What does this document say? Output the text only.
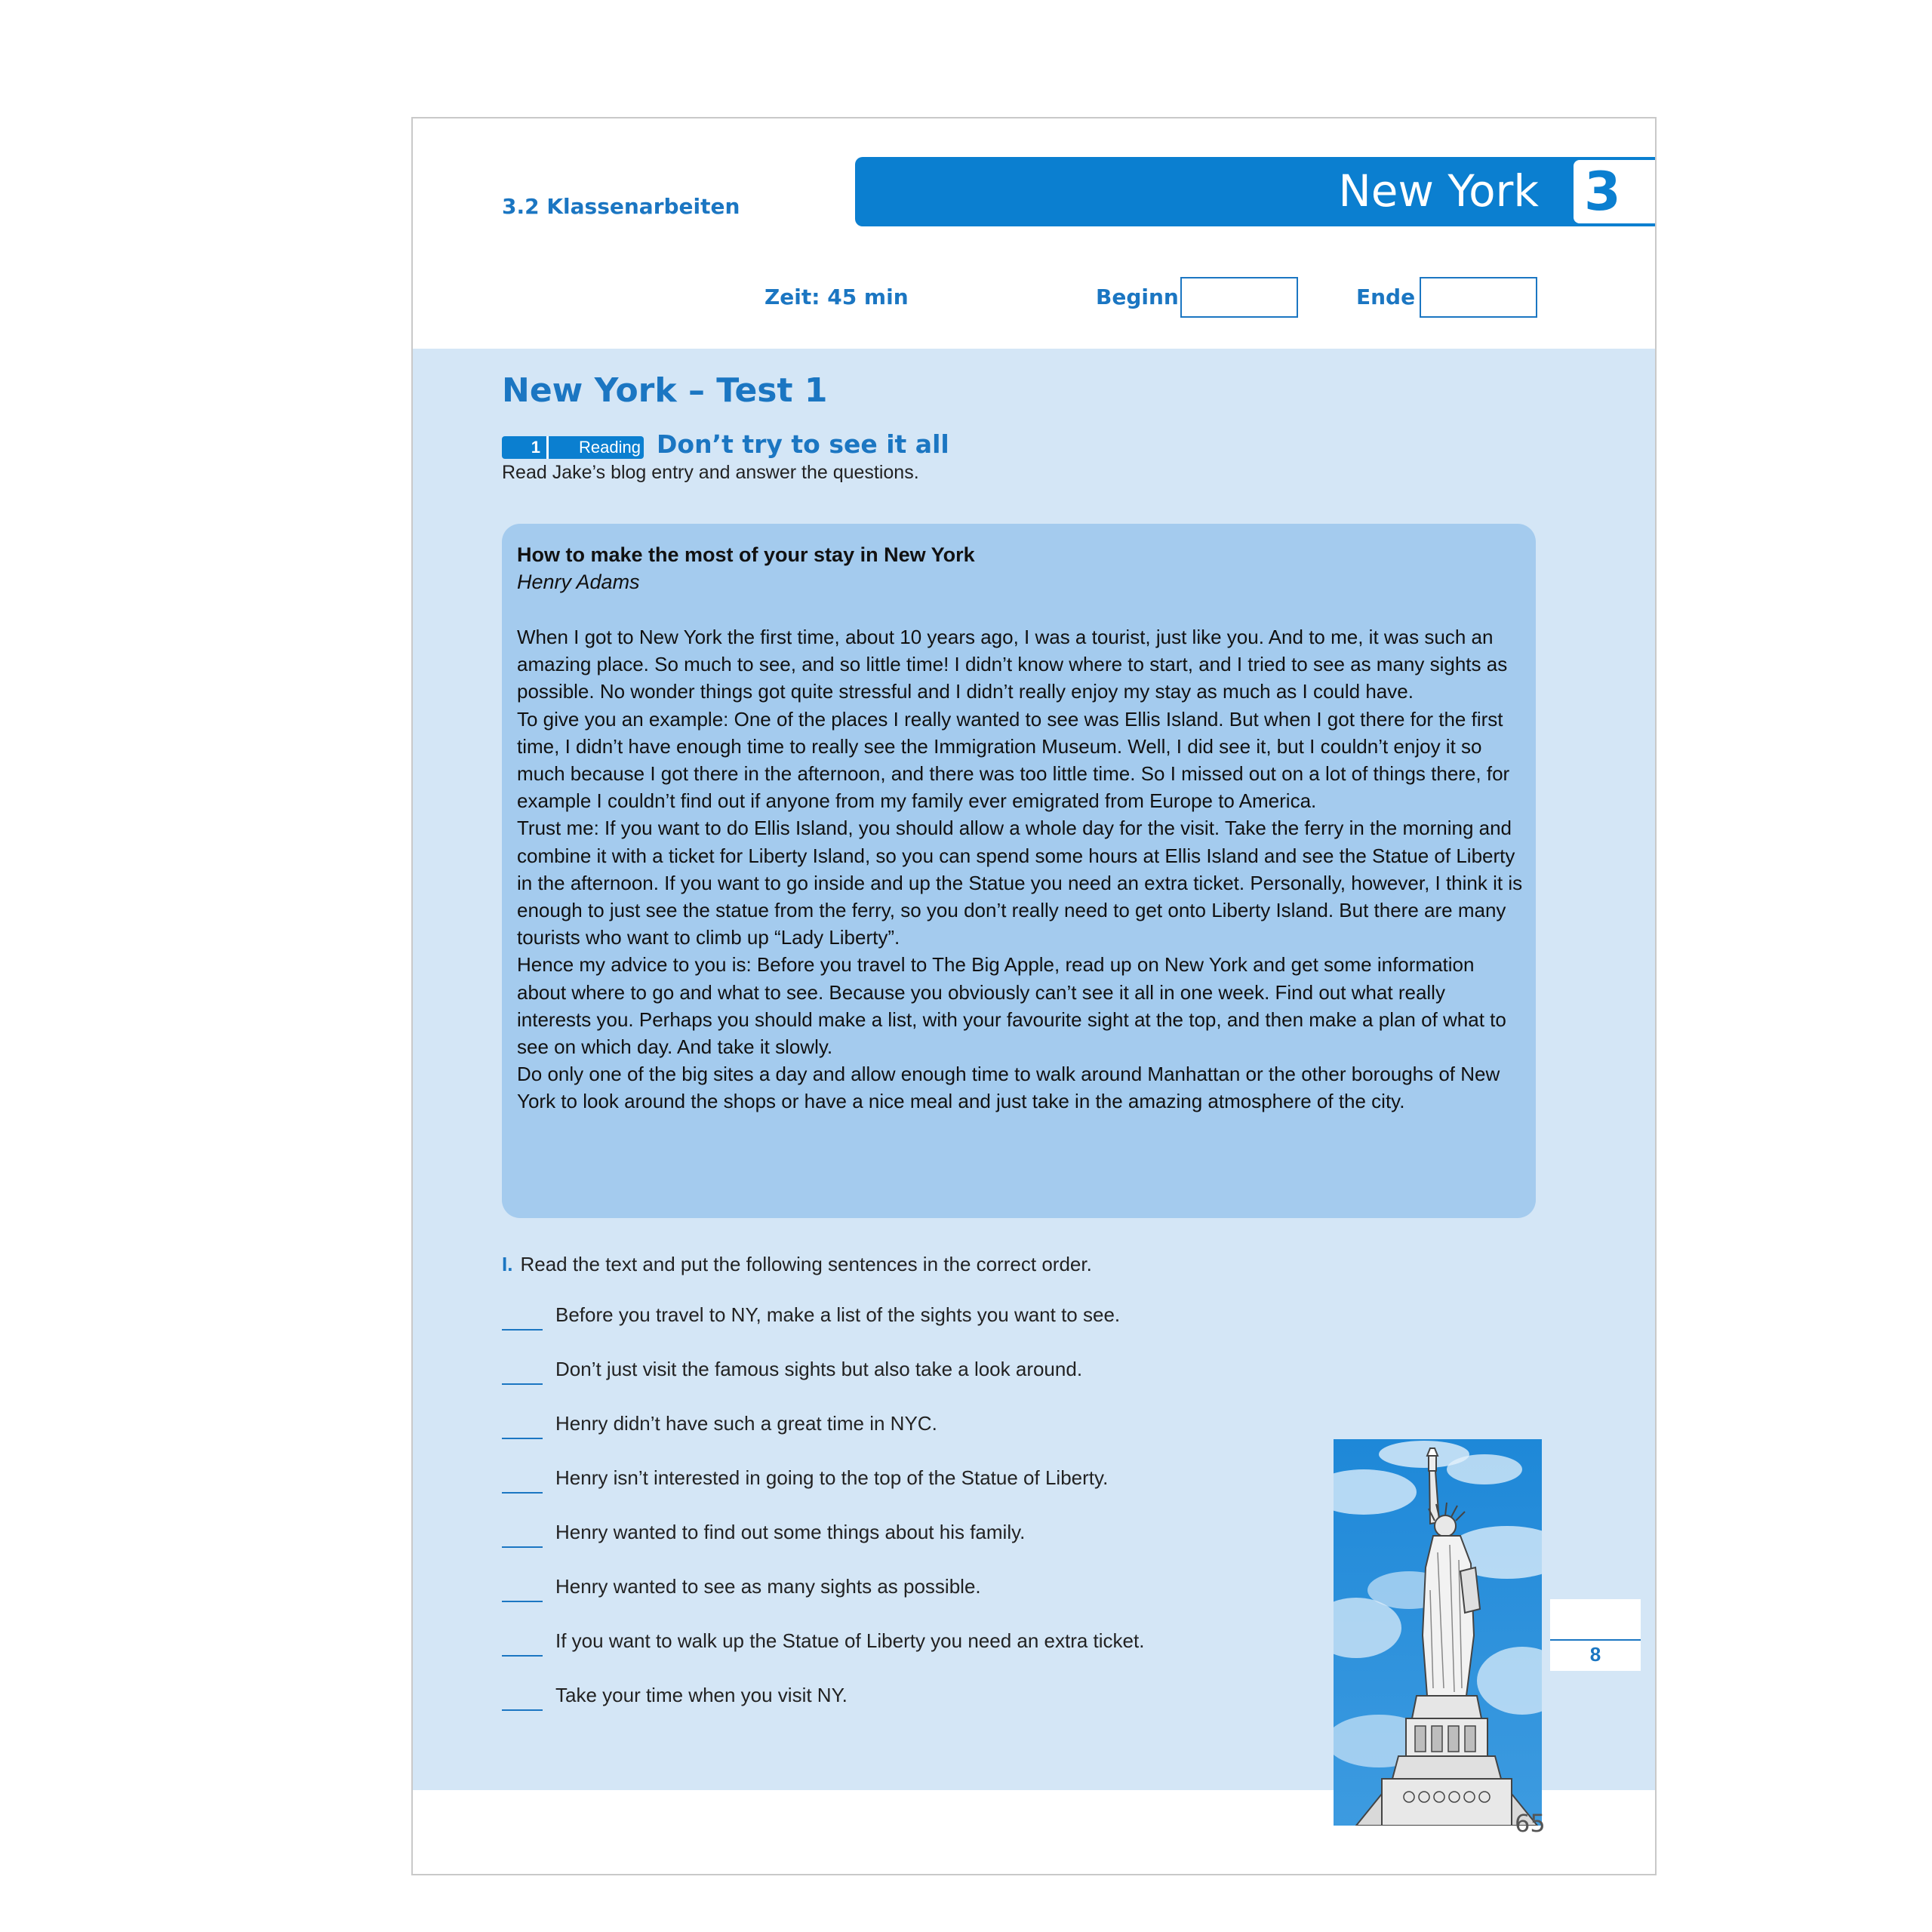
3.2 Klassenarbeiten	New York 3
Zeit: 45 min	Beginn	Ende
New York – Test 1
1	Reading Don’t try to see it all
Read Jake’s blog entry and answer the questions.
How to make the most of your stay in New York
Henry Adams

When I got to New York the first time, about 10 years ago, I was a tourist, just like you. And to me, it was such an amazing place. So much to see, and so little time! I didn’t know where to start, and I tried to see as many sights as possible. No wonder things got quite stressful and I didn’t really enjoy my stay as much as I could have.

To give you an example: One of the places I really wanted to see was Ellis Island. But when I got there for the first time, I didn’t have enough time to really see the Immigration Museum. Well, I did see it, but I couldn’t enjoy it so much because I got there in the afternoon, and there was too little time. So I missed out on a lot of things there, for example I couldn’t find out if anyone from my family ever emigrated from Europe to America.

Trust me: If you want to do Ellis Island, you should allow a whole day for the visit. Take the ferry in the morning and combine it with a ticket for Liberty Island, so you can spend some hours at Ellis Island and see the Statue of Liberty in the afternoon. If you want to go inside and up the Statue you need an extra ticket. Personally, however, I think it is enough to just see the statue from the ferry, so you don’t really need to get onto Liberty Island. But there are many tourists who want to climb up “Lady Liberty”.

Hence my advice to you is: Before you travel to The Big Apple, read up on New York and get some information about where to go and what to see. Because you obviously can’t see it all in one week. Find out what really interests you. Perhaps you should make a list, with your favourite sight at the top, and then make a plan of what to see on which day. And take it slowly.

Do only one of the big sites a day and allow enough time to walk around Manhattan or the other boroughs of New York to look around the shops or have a nice meal and just take in the amazing atmosphere of the city.

I. Read the text and put the following sentences in the correct order.
Before you travel to NY, make a list of the sights you want to see.
Don’t just visit the famous sights but also take a look around.
Henry didn’t have such a great time in NYC.
Henry isn’t interested in going to the top of the Statue of Liberty.
Henry wanted to find out some things about his family.
Henry wanted to see as many sights as possible.
If you want to walk up the Statue of Liberty you need an extra ticket.
Take your time when you visit NY.
8
65
